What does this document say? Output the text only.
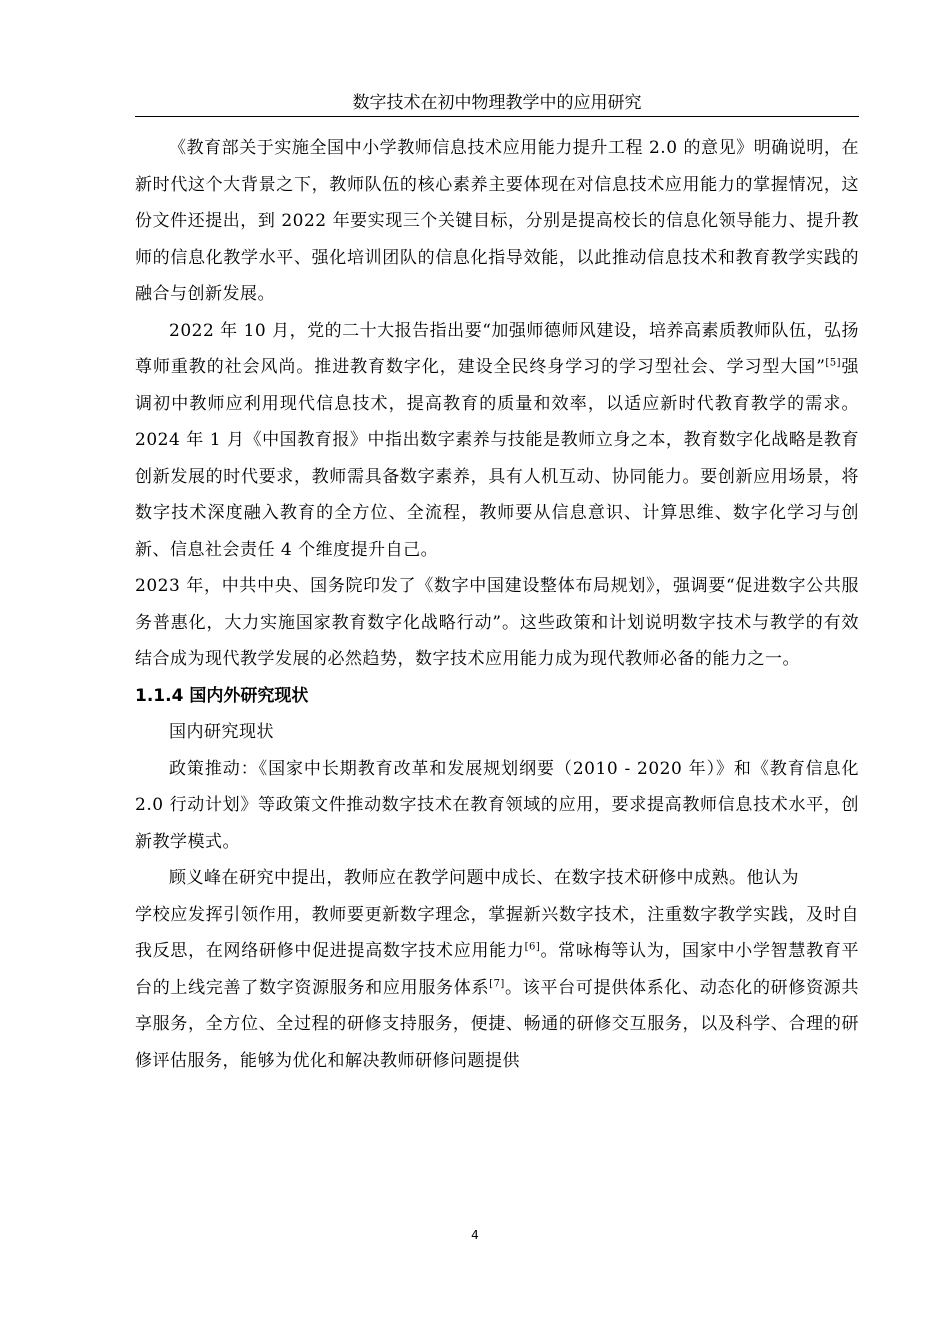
数字技术在初中物理教学中的应用研究

《教育部关于实施全国中小学教师信息技术应用能力提升工程 2.0 的意见》明确说明，在新时代这个大背景之下，教师队伍的核心素养主要体现在对信息技术应用能力的掌握情况，这份文件还提出，到 2022 年要实现三个关键目标，分别是提高校长的信息化领导能力、提升教师的信息化教学水平、强化培训团队的信息化指导效能，以此推动信息技术和教育教学实践的融合与创新发展。

2022 年 10 月，党的二十大报告指出要“加强师德师风建设，培养高素质教师队伍，弘扬尊师重教的社会风尚。推进教育数字化，建设全民终身学习的学习型社会、学习型大国”[5]强调初中教师应利用现代信息技术，提高教育的质量和效率，以适应新时代教育教学的需求。2024 年 1 月《中国教育报》中指出数字素养与技能是教师立身之本，教育数字化战略是教育创新发展的时代要求，教师需具备数字素养，具有人机互动、协同能力。要创新应用场景，将数字技术深度融入教育的全方位、全流程，教师要从信息意识、计算思维、数字化学习与创新、信息社会责任 4 个维度提升自己。

2023 年，中共中央、国务院印发了《数字中国建设整体布局规划》，强调要“促进数字公共服务普惠化，大力实施国家教育数字化战略行动”。这些政策和计划说明数字技术与教学的有效结合成为现代教学发展的必然趋势，数字技术应用能力成为现代教师必备的能力之一。

1.1.4 国内外研究现状

国内研究现状

政策推动：《国家中长期教育改革和发展规划纲要（2010 - 2020 年）》和《教育信息化 2.0 行动计划》等政策文件推动数字技术在教育领域的应用，要求提高教师信息技术水平，创新教学模式。

顾义峰在研究中提出，教师应在教学问题中成长、在数字技术研修中成熟。他认为

学校应发挥引领作用，教师要更新数字理念，掌握新兴数字技术，注重数字教学实践，及时自我反思，在网络研修中促进提高数字技术应用能力[6]。常咏梅等认为，国家中小学智慧教育平台的上线完善了数字资源服务和应用服务体系[7]。该平台可提供体系化、动态化的研修资源共享服务，全方位、全过程的研修支持服务，便捷、畅通的研修交互服务，以及科学、合理的研修评估服务，能够为优化和解决教师研修问题提供

4
